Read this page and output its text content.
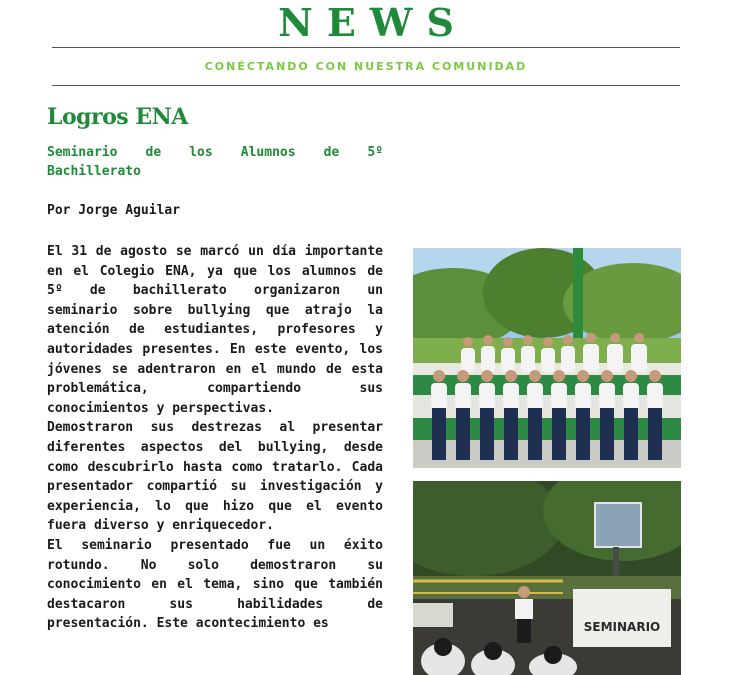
NEWS
CONÉCTANDO CON NUESTRA COMUNIDAD
Logros ENA
Seminario de los Alumnos de 5º Bachillerato
Por Jorge Aguilar

El 31 de agosto se marcó un día importante en el Colegio ENA, ya que los alumnos de 5º de bachillerato organizaron un seminario sobre bullying que atrajo la atención de estudiantes, profesores y autoridades presentes. En este evento, los jóvenes se adentraron en el mundo de esta problemática, compartiendo sus conocimientos y perspectivas.

Demostraron sus destrezas al presentar diferentes aspectos del bullying, desde como descubrirlo hasta como tratarlo. Cada presentador compartió su investigación y experiencia, lo que hizo que el evento fuera diverso y enriquecedor.

El seminario presentado fue un éxito rotundo. No solo demostraron su conocimiento en el tema, sino que también destacaron sus habilidades de presentación. Este acontecimiento es	SEMINARIO
